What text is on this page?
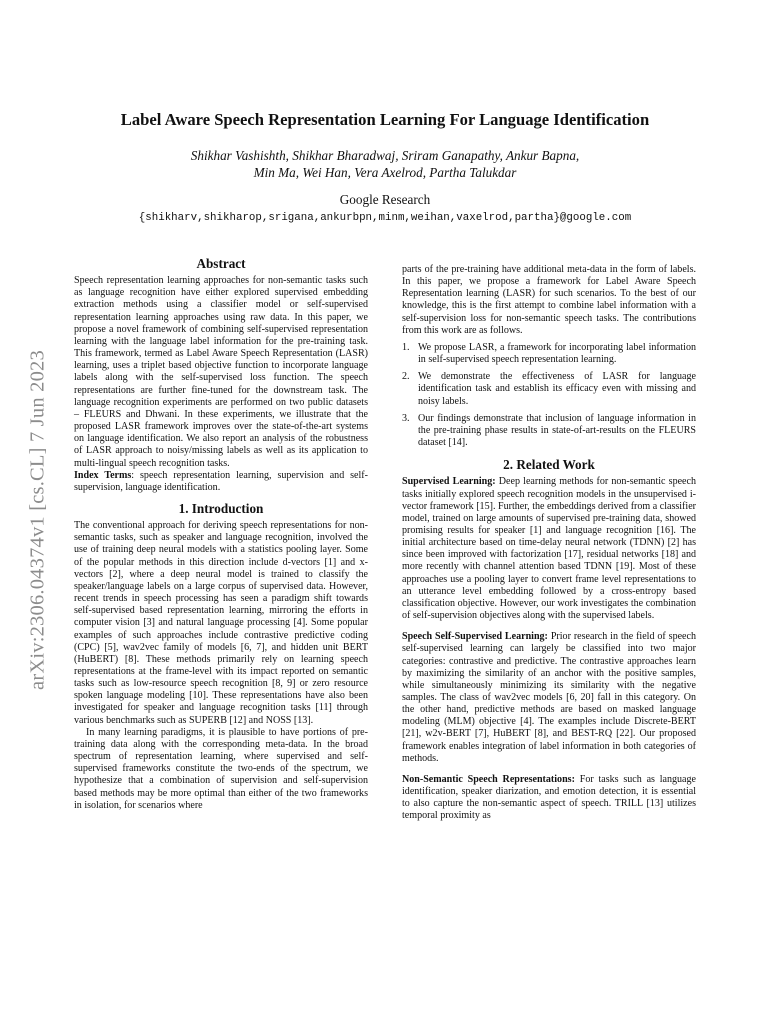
arXiv:2306.04374v1 [cs.CL] 7 Jun 2023
Label Aware Speech Representation Learning For Language Identification
Shikhar Vashishth, Shikhar Bharadwaj, Sriram Ganapathy, Ankur Bapna,
Min Ma, Wei Han, Vera Axelrod, Partha Talukdar
Google Research
{shikharv,shikharop,srigana,ankurbpn,minm,weihan,vaxelrod,partha}@google.com
Abstract

Speech representation learning approaches for non-semantic tasks such as language recognition have either explored supervised embedding extraction methods using a classifier model or self-supervised representation learning approaches using raw data. In this paper, we propose a novel framework of combining self-supervised representation learning with the language label information for the pre-training task. This framework, termed as Label Aware Speech Representation (LASR) learning, uses a triplet based objective function to incorporate language labels along with the self-supervised loss function. The speech representations are further fine-tuned for the downstream task. The language recognition experiments are performed on two public datasets – FLEURS and Dhwani. In these experiments, we illustrate that the proposed LASR framework improves over the state-of-the-art systems on language identification. We also report an analysis of the robustness of LASR approach to noisy/missing labels as well as its application to multi-lingual speech recognition tasks.

Index Terms: speech representation learning, supervision and self-supervision, language identification.

1. Introduction

The conventional approach for deriving speech representations for non-semantic tasks, such as speaker and language recognition, involved the use of training deep neural models with a statistics pooling layer. Some of the popular methods in this direction include d-vectors [1] and x-vectors [2], where a deep neural model is trained to classify the speaker/language labels on a large corpus of supervised data. However, recent trends in speech processing has seen a paradigm shift towards self-supervised based representation learning, mirroring the efforts in computer vision [3] and natural language processing [4]. Some popular examples of such approaches include contrastive predictive coding (CPC) [5], wav2vec family of models [6, 7], and hidden unit BERT (HuBERT) [8]. These methods primarily rely on learning speech representations at the frame-level with its impact reported on semantic tasks such as low-resource speech recognition [8, 9] or zero resource spoken language modeling [10]. These representations have also been investigated for speaker and language recognition tasks [11] through various benchmarks such as SUPERB [12] and NOSS [13].

In many learning paradigms, it is plausible to have portions of pre-training data along with the corresponding meta-data. In the broad spectrum of representation learning, where supervised and self-supervised frameworks constitute the two-ends of the spectrum, we hypothesize that a combination of supervision and self-supervision based methods may be more optimal than either of the two frameworks in isolation, for scenarios where

parts of the pre-training have additional meta-data in the form of labels. In this paper, we propose a framework for Label Aware Speech Representation learning (LASR) for such scenarios. To the best of our knowledge, this is the first attempt to combine label information with a self-supervision loss for non-semantic speech tasks. The contributions from this work are as follows.

1. We propose LASR, a framework for incorporating label information in self-supervised speech representation learning.
2. We demonstrate the effectiveness of LASR for language identification task and establish its efficacy even with missing and noisy labels.
3. Our findings demonstrate that inclusion of language information in the pre-training phase results in state-of-art-results on the FLEURS dataset [14].
2. Related Work

Supervised Learning: Deep learning methods for non-semantic speech tasks initially explored speech recognition models in the unsupervised i-vector framework [15]. Further, the embeddings derived from a classifier model, trained on large amounts of supervised pre-training data, showed promising results for speaker [1] and language recognition [16]. The initial architecture based on time-delay neural network (TDNN) [2] has since been improved with factorization [17], residual networks [18] and more recently with channel attention based TDNN [19]. Most of these approaches use a pooling layer to convert frame level representations to an utterance level embedding followed by a cross-entropy based classification objective. However, our work investigates the combination of self-supervision objectives along with the supervised labels.

Speech Self-Supervised Learning: Prior research in the field of speech self-supervised learning can largely be classified into two major categories: contrastive and predictive. The contrastive approaches learn by maximizing the similarity of an anchor with the positive samples, while simultaneously minimizing its similarity with the negative samples. The class of wav2vec models [6, 20] fall in this category. On the other hand, predictive methods are based on masked language modeling (MLM) objective [4]. The examples include Discrete-BERT [21], w2v-BERT [7], HuBERT [8], and BEST-RQ [22]. Our proposed framework enables integration of label information in both categories of methods.

Non-Semantic Speech Representations: For tasks such as language identification, speaker diarization, and emotion detection, it is essential to also capture the non-semantic aspect of speech. TRILL [13] utilizes temporal proximity as
